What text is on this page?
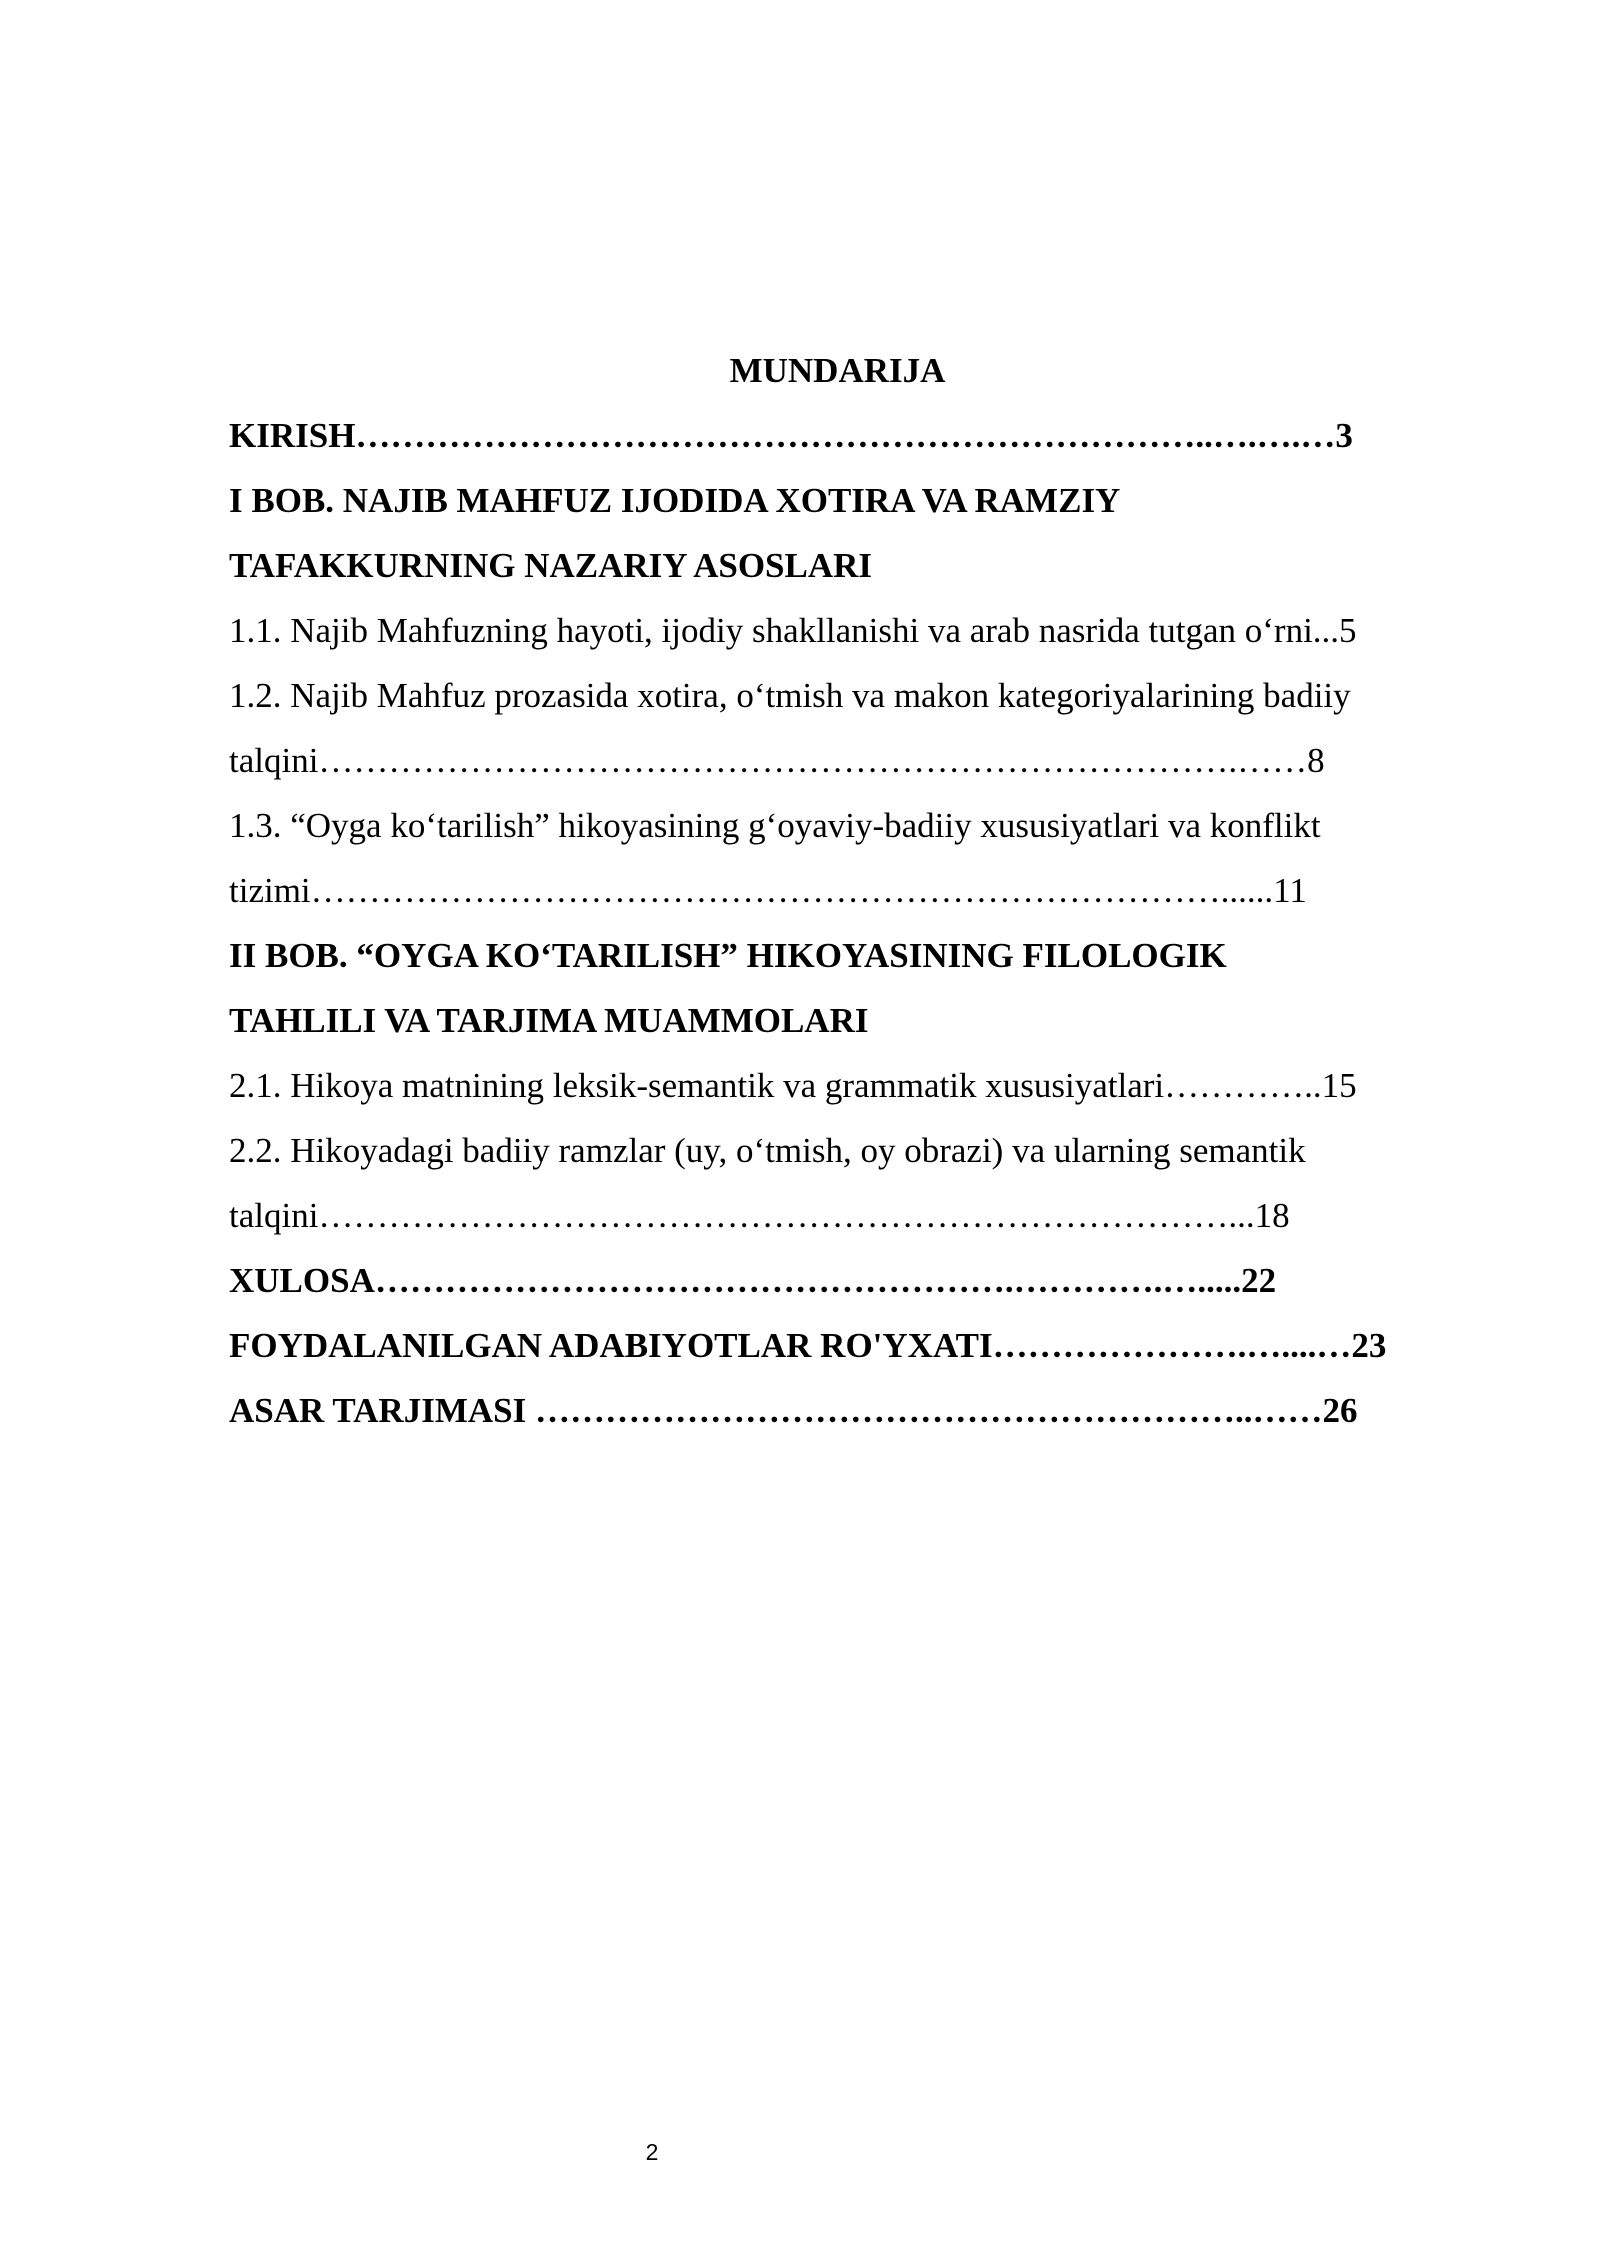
MUNDARIJA
KIRISH………………………………………………………………..….….…3
I BOB. NAJIB MAHFUZ IJODIDA XOTIRA VA RAMZIY
TAFAKKURNING NAZARIY ASOSLARI
1.1. Najib Mahfuzning hayoti, ijodiy shakllanishi va arab nasrida tutgan o‘rni...5
1.2. Najib Mahfuz prozasida xotira, o‘tmish va makon kategoriyalarining badiiy
talqini…………………………………………………………………….……8
1.3. “Oyga ko‘tarilish” hikoyasining g‘oyaviy-badiiy xususiyatlari va konflikt
tizimi……………………………………………………………………......11
II BOB. “OYGA KO‘TARILISH” HIKOYASINING FILOLOGIK
TAHLILI VA TARJIMA MUAMMOLARI
2.1. Hikoya matnining leksik-semantik va grammatik xususiyatlari…………..15
2.2. Hikoyadagi badiiy ramzlar (uy, o‘tmish, oy obrazi) va ularning semantik
talqini……………………………………………………………………...18
XULOSA……………………………………………….………….….....22
FOYDALANILGAN ADABIYOTLAR RO'YXATI………………….…....…23
ASAR TARJIMASI ……………………………………………………..……26
2
